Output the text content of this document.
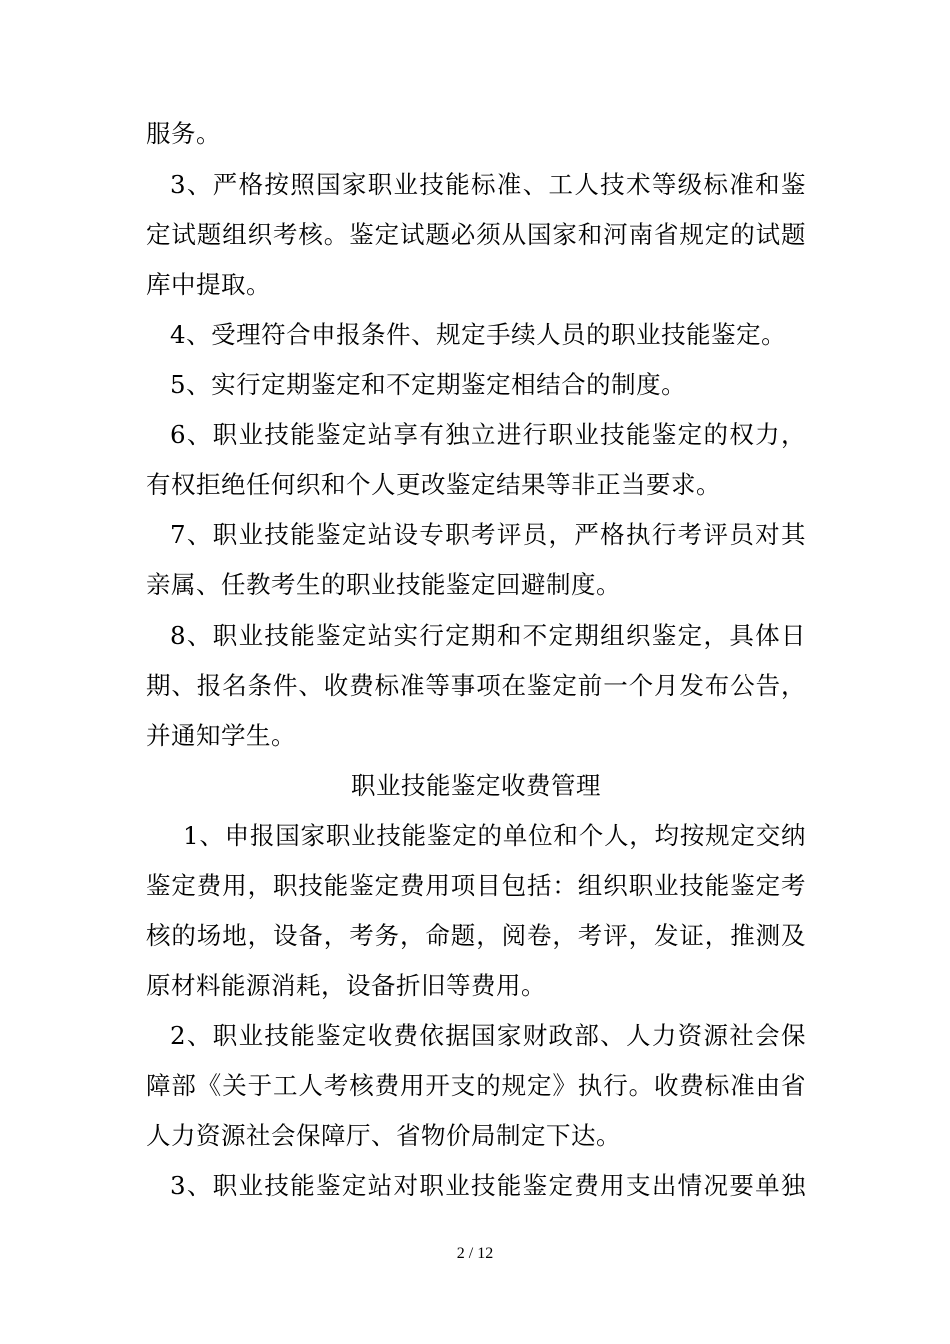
服务。
3、严格按照国家职业技能标准、工人技术等级标准和鉴
定试题组织考核。鉴定试题必须从国家和河南省规定的试题
库中提取。
4、受理符合申报条件、规定手续人员的职业技能鉴定。
5、实行定期鉴定和不定期鉴定相结合的制度。
6、职业技能鉴定站享有独立进行职业技能鉴定的权力，
有权拒绝任何织和个人更改鉴定结果等非正当要求。
7、职业技能鉴定站设专职考评员，严格执行考评员对其
亲属、任教考生的职业技能鉴定回避制度。
8、职业技能鉴定站实行定期和不定期组织鉴定，具体日
期、报名条件、收费标准等事项在鉴定前一个月发布公告，
并通知学生。
职业技能鉴定收费管理
1、申报国家职业技能鉴定的单位和个人，均按规定交纳
鉴定费用，职技能鉴定费用项目包括：组织职业技能鉴定考
核的场地，设备，考务，命题，阅卷，考评，发证，推测及
原材料能源消耗，设备折旧等费用。
2、职业技能鉴定收费依据国家财政部、人力资源社会保
障部《关于工人考核费用开支的规定》执行。收费标准由省
人力资源社会保障厅、省物价局制定下达。
3、职业技能鉴定站对职业技能鉴定费用支出情况要单独
2 / 12
